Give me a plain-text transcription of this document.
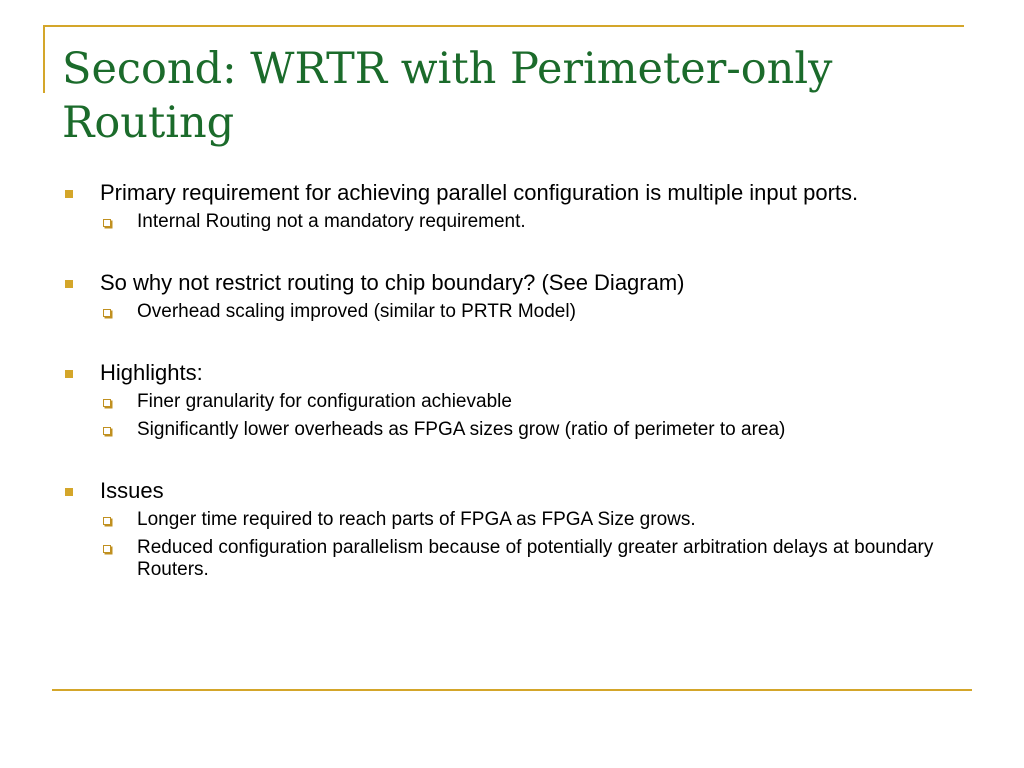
Second: WRTR with Perimeter-only Routing
Primary requirement for achieving parallel configuration is multiple input ports.
Internal Routing not a mandatory requirement.
So why not restrict routing to chip boundary? (See Diagram)
Overhead scaling improved (similar to PRTR Model)
Highlights:
Finer granularity for configuration achievable
Significantly lower overheads as FPGA sizes grow (ratio of perimeter to area)
Issues
Longer time required to reach parts of FPGA as FPGA Size grows.
Reduced configuration parallelism because of potentially greater arbitration delays at boundary Routers.
